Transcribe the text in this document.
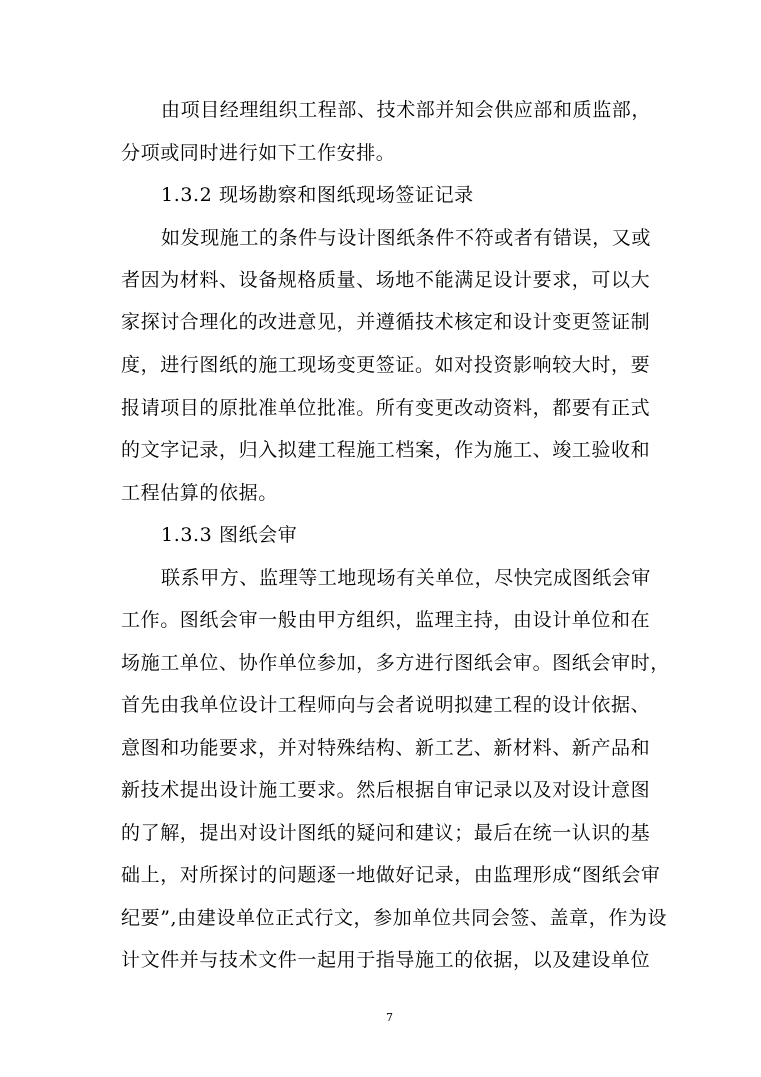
由项目经理组织工程部、技术部并知会供应部和质监部，

分项或同时进行如下工作安排。

1.3.2 现场勘察和图纸现场签证记录

如发现施工的条件与设计图纸条件不符或者有错误，又或

者因为材料、设备规格质量、场地不能满足设计要求，可以大

家探讨合理化的改进意见，并遵循技术核定和设计变更签证制

度，进行图纸的施工现场变更签证。如对投资影响较大时，要

报请项目的原批准单位批准。所有变更改动资料，都要有正式

的文字记录，归入拟建工程施工档案，作为施工、竣工验收和

工程估算的依据。

1.3.3 图纸会审

联系甲方、监理等工地现场有关单位，尽快完成图纸会审

工作。图纸会审一般由甲方组织，监理主持，由设计单位和在

场施工单位、协作单位参加，多方进行图纸会审。图纸会审时，

首先由我单位设计工程师向与会者说明拟建工程的设计依据、

意图和功能要求，并对特殊结构、新工艺、新材料、新产品和

新技术提出设计施工要求。然后根据自审记录以及对设计意图

的了解，提出对设计图纸的疑问和建议；最后在统一认识的基

础上，对所探讨的问题逐一地做好记录，由监理形成“图纸会审

纪要”,由建设单位正式行文，参加单位共同会签、盖章，作为设

计文件并与技术文件一起用于指导施工的依据，以及建设单位

7
